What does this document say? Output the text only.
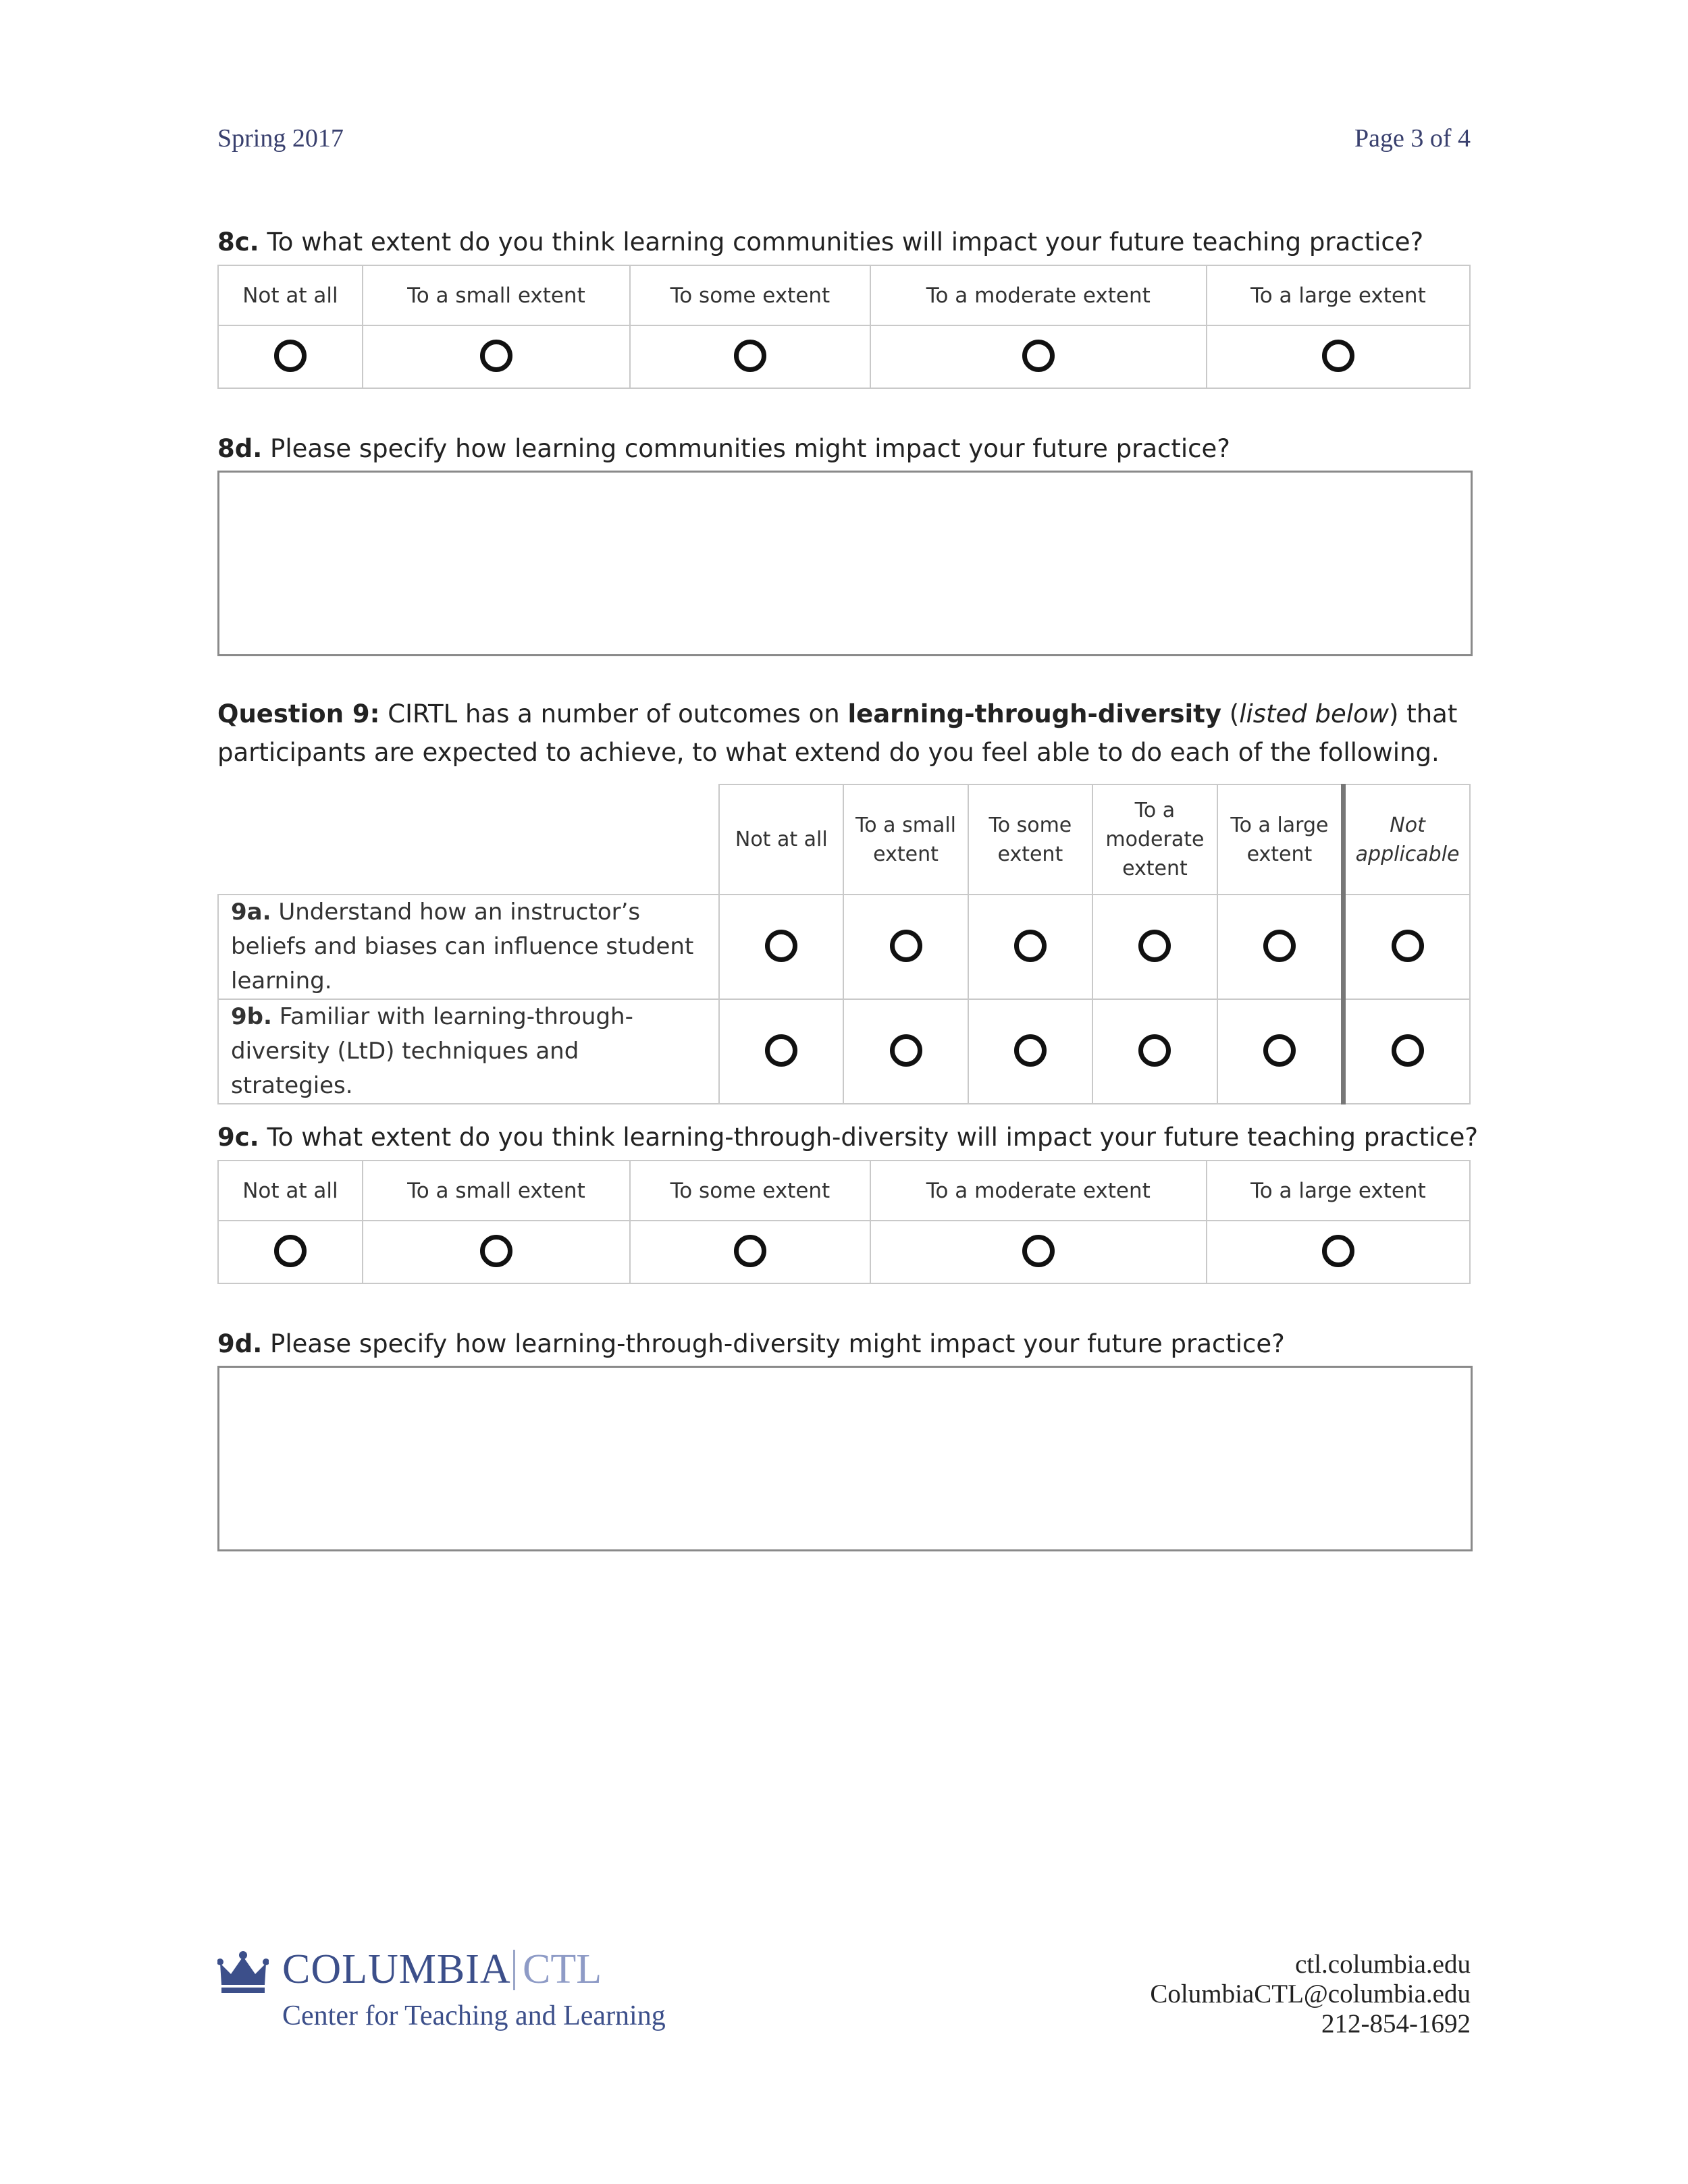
Spring 2017	Page 3 of 4
8c. To what extent do you think learning communities will impact your future teaching practice?
Not at all	To a small extent	To some extent	To a moderate extent	To a large extent

8d. Please specify how learning communities might impact your future practice?
Question 9: CIRTL has a number of outcomes on learning-through-diversity (listed below) that participants are expected to achieve, to what extend do you feel able to do each of the following.
	Not at all	To a small extent	To some extent	To a moderate extent	To a large extent	Not applicable
9a. Understand how an instructor’s beliefs and biases can influence student learning.						
9b. Familiar with learning-through-diversity (LtD) techniques and strategies.						
9c. To what extent do you think learning-through-diversity will impact your future teaching practice?
Not at all	To a small extent	To some extent	To a moderate extent	To a large extent

9d. Please specify how learning-through-diversity might impact your future practice?
COLUMBIA CTL
Center for Teaching and Learning
ctl.columbia.edu
ColumbiaCTL@columbia.edu
212-854-1692
